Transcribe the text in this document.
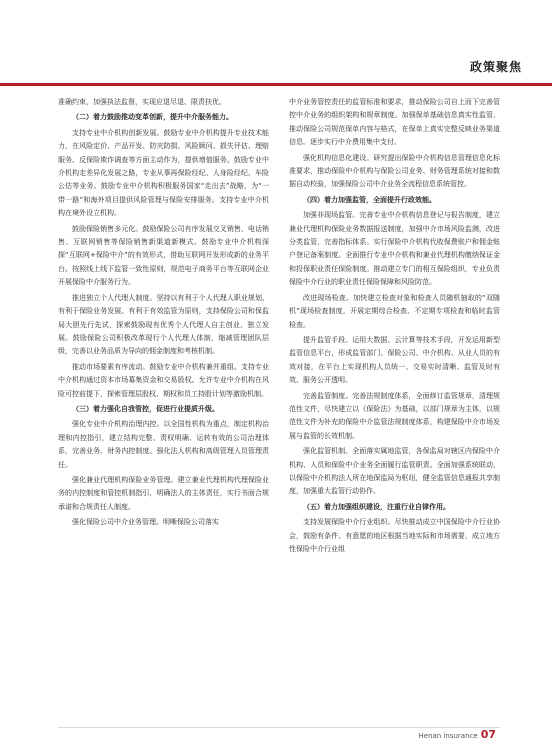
政策聚焦

准确约束，加强执法监督，实现应退尽退、限责扶优。

（二）着力鼓励推动变革创新，提升中介服务能力。

支持专业中介机构创新发展。鼓励专业中介机构提升专业技术能力，在风险定价、产品开发、防灾防损、风险顾问、损失评估、理赔服务、反保险欺诈调查等方面主动作为，提供增值服务。鼓励专业中介机构走差异化发展之路，专业从事再保险经纪、人身险经纪、车险公估等业务。鼓励专业中介机构积极服务国家“走出去”战略，为“一带一路”和海外项目提供风险管理与保险安排服务。支持专业中介机构在境外设立机构。

鼓励保险销售多元化。鼓励保险公司有序发展交叉销售、电话销售、互联网销售等保险销售新渠道新模式。鼓励专业中介机构深探“互联网+保险中介”的有效形式，借助互联网开发形成新的业务平台。按照线上线下监管一致性原则，规范电子商务平台等互联网企业开展保险中介服务行为。

推进独立个人代理人制度。坚持以有利于个人代理人职业规划、有利于保险业务发展、有利于有效监管为原则，支持保险公司和保监局大胆先行先试，探索鼓励现有优秀个人代理人自主创业、独立发展。鼓励保险公司积极改革现行个人代理人体制，缩减管理团队层级，完善以业务品质为导向的佣金制度和考核机制。

推动市场要素有序流动。鼓励专业中介机构兼并重组。支持专业中介机构通过资本市场募集资金和交易股权。允许专业中介机构在风险可控前提下，探索管理层股权、期权和员工持股计划等激励机制。

（三）着力强化自我管控，促进行业提质升级。

强化专业中介机构治理内控。以全国性机构为重点，制定机构治理和内控指引，建立结构完整、责权明确、运转有效的公司治理体系，完善业务、财务内控制度。强化法人机构和高级管理人员管理责任。

强化兼业代理机构保险业务管理。建立兼业代理机构代理保险业务的内控制度和管控机制指引，明确法人的主体责任，实行书面合规承诺和合规责任人制度。

强化保险公司中介业务管理。明晰保险公司落实

中介业务管控责任的监管标准和要求，推动保险公司自上而下完善管控中介业务的组织架构和规章制度。加强保单基础信息真实性监管，推动保险公司规范保单内容与格式，在保单上真实完整反映业务渠道信息。逐步实行中介费用集中支付。

强化机构信息化建设。研究提出保险中介机构信息管理信息化标准要求，推动保险中介机构与保险公司业务、财务管理系统对接和数据自动校验，加强保险公司中介业务全流程信息系统管控。

（四）着力加强监管，全面提升行政效能。

加强非现场监管。完善专业中介机构信息登记与报告制度，建立兼业代理机构保险业务数据报送制度，加强中介市场风险监测，改进分类监管，完善指标体系。实行保险中介机构代收保费账户和佣金账户登记备案制度。全面推行专业中介机构和兼业代理机构缴纳保证金和投保职业责任保险制度。推动建立专门的相互保险组织，专业负责保险中介行业的职业责任保险保障和风险防范。

改进现场检查。加快建立检查对象和检查人员随机抽取的“双随机”现场检查制度，开展定期综合检查、不定期专项检查和临时监管检查。

提升监管手段。运用大数据、云计算等技术手段，开发运用新型监管信息平台，形成监管部门、保险公司、中介机构、从业人员的有效对接，在平台上实现机构人员统一、交易实时清晰、监管及时有效、服务公开透明。

完善监管制度。完善法规制度体系，全面修订监管规章，清理规范性文件，尽快建立以《保险法》为基础，以部门规章为主体，以规范性文件为补充的保险中介监管法规制度体系，构建保险中介市场发展与监管的长效机制。

强化监管机制。全面落实属地监管，各保监局对辖区内保险中介机构、人员和保险中介业务全面履行监管职责。全面加强系统联动，以保险中介机构法人所在地保监局为枢纽，健全监管信息通报共享制度，加强重大监管行动协作。

（五）着力加强组织建设，注重行业自律作用。

支持发展保险中介行业组织。尽快推动成立中国保险中介行业协会，鼓励有条件、有意愿的地区根据当地实际和市场需要，成立地方性保险中介行业组

Henan insurance 07
